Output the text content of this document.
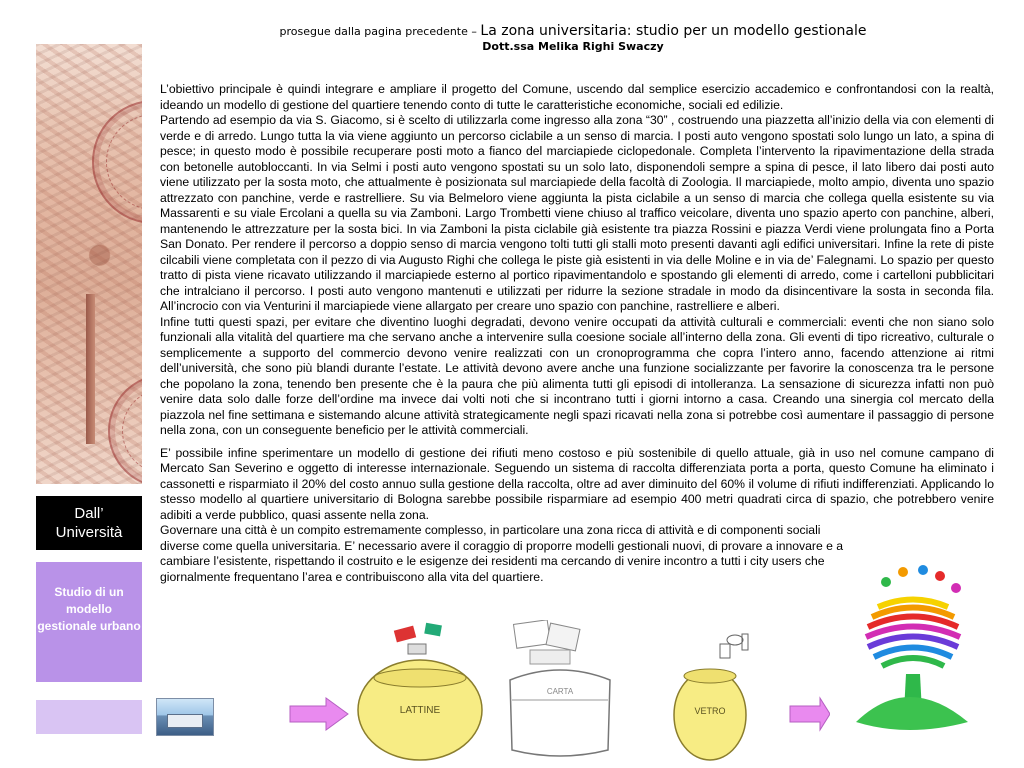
Dall’
Università
Studio di un modello gestionale urbano
prosegue dalla pagina precedente – La zona universitaria: studio per un modello gestionale
Dott.ssa Melika Righi Swaczy

L’obiettivo principale è quindi integrare e ampliare il progetto del Comune, uscendo dal semplice esercizio accademico e confrontandosi con la realtà, ideando un modello di gestione del quartiere tenendo conto di tutte le caratteristiche economiche, sociali ed edilizie.

Partendo ad esempio da via S. Giacomo, si è scelto di utilizzarla come ingresso alla zona “30” , costruendo una piazzetta all’inizio della via con elementi di verde e di arredo. Lungo tutta la via viene aggiunto un percorso ciclabile a un senso di marcia. I posti auto vengono spostati solo lungo un lato, a spina di pesce; in questo modo è possibile recuperare posti moto a fianco del marciapiede ciclopedonale. Completa l’intervento la ripavimentazione della strada con betonelle autobloccanti. In via Selmi i posti auto vengono spostati su un solo lato, disponendoli sempre a spina di pesce, il lato libero dai posti auto viene utilizzato per la sosta moto, che attualmente è posizionata sul marciapiede della facoltà di Zoologia. Il marciapiede, molto ampio, diventa uno spazio attrezzato con panchine, verde e rastrelliere. Su via Belmeloro viene aggiunta la pista ciclabile a un senso di marcia che collega quella esistente su via Massarenti e su viale Ercolani a quella su via Zamboni. Largo Trombetti viene chiuso al traffico veicolare, diventa uno spazio aperto con panchine, alberi, mantenendo le attrezzature per la sosta bici. In via Zamboni la pista ciclabile già esistente tra piazza Rossini e piazza Verdi viene prolungata fino a Porta San Donato. Per rendere il percorso a doppio senso di marcia vengono tolti tutti gli stalli moto presenti davanti agli edifici universitari. Infine la rete di piste cilcabili viene completata con il pezzo di via Augusto Righi che collega le piste già esistenti in via delle Moline e in via de’ Falegnami. Lo spazio per questo tratto di pista viene ricavato utilizzando il marciapiede esterno al portico ripavimentandolo e spostando gli elementi di arredo, come i cartelloni pubblicitari che intralciano il percorso. I posti auto vengono mantenuti e utilizzati per ridurre la sezione stradale in modo da disincentivare la sosta in seconda fila. All’incrocio con via Venturini il marciapiede viene allargato per creare uno spazio con panchine, rastrelliere e alberi.

Infine tutti questi spazi, per evitare che diventino luoghi degradati, devono venire occupati da attività culturali e commerciali: eventi che non siano solo funzionali alla vitalità del quartiere ma che servano anche a intervenire sulla coesione sociale all’interno della zona. Gli eventi di tipo ricreativo, culturale o semplicemente a supporto del commercio devono venire realizzati con un cronoprogramma che copra l’intero anno, facendo attenzione ai ritmi dell’università, che sono più blandi durante l’estate. Le attività devono avere anche una funzione socializzante per favorire la conoscenza tra le persone che popolano la zona, tenendo ben presente che è la paura che più alimenta tutti gli episodi di intolleranza. La sensazione di sicurezza infatti non può venire data solo dalle forze dell’ordine ma invece dai volti noti che si incontrano tutti i giorni intorno a casa. Creando una sinergia col mercato della piazzola nel fine settimana e sistemando alcune attività strategicamente negli spazi ricavati nella zona si potrebbe così aumentare il passaggio di persone nella zona, con un conseguente beneficio per le attività commerciali.

E’ possibile infine sperimentare un modello di gestione dei rifiuti meno costoso e più sostenibile di quello attuale, già in uso nel comune campano di Mercato San Severino e oggetto di interesse internazionale. Seguendo un sistema di raccolta differenziata porta a porta, questo Comune ha eliminato i cassonetti e risparmiato il 20% del costo annuo sulla gestione della raccolta, oltre ad aver diminuito del 60% il volume di rifiuti indifferenziati. Applicando lo stesso modello al quartiere universitario di Bologna sarebbe possibile risparmiare ad esempio 400 metri quadrati circa di spazio, che potrebbero venire adibiti a verde pubblico, quasi assente nella zona.

Governare una città è un compito estremamente complesso, in particolare una zona ricca di attività e di componenti sociali diverse come quella universitaria. E’ necessario avere il coraggio di proporre modelli gestionali nuovi, di provare a innovare e a cambiare l’esistente, rispettando il costruito e le esigenze dei residenti ma cercando di venire incontro a tutti i city users che giornalmente frequentano l’area e contribuiscono alla vita del quartiere.

LATTINE
CARTA
VETRO
